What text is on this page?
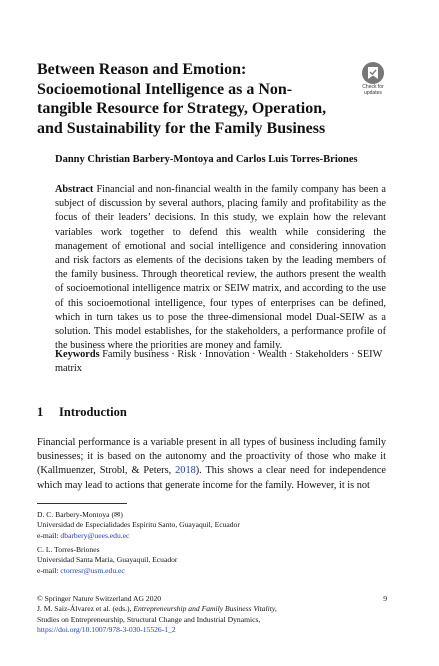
Between Reason and Emotion: Socioemotional Intelligence as a Non-tangible Resource for Strategy, Operation, and Sustainability for the Family Business
Check for
updates

Danny Christian Barbery-Montoya and Carlos Luis Torres-Briones

Abstract Financial and non-financial wealth in the family company has been a subject of discussion by several authors, placing family and profitability as the focus of their leaders’ decisions. In this study, we explain how the relevant variables work together to defend this wealth while considering the management of emotional and social intelligence and considering innovation and risk factors as elements of the decisions taken by the leading members of the family business. Through theoretical review, the authors present the wealth of socioemotional intelligence matrix or SEIW matrix, and according to the use of this socioemotional intelligence, four types of enterprises can be defined, which in turn takes us to pose the three-dimensional model Dual-SEIW as a solution. This model establishes, for the stakeholders, a performance profile of the business where the priorities are money and family.

Keywords Family business · Risk · Innovation · Wealth · Stakeholders · SEIW matrix

1 Introduction

Financial performance is a variable present in all types of business including family businesses; it is based on the autonomy and the proactivity of those who make it (Kallmuenzer, Strobl, & Peters, 2018). This shows a clear need for independence which may lead to actions that generate income for the family. However, it is not

D. C. Barbery-Montoya (✉)
Universidad de Especialidades Espíritu Santo, Guayaquil, Ecuador
e-mail: dbarbery@uees.edu.ec
C. L. Torres-Briones
Universidad Santa Maria, Guayaquil, Ecuador
e-mail: ctorresr@usm.edu.ec
© Springer Nature Switzerland AG 2020
J. M. Saiz-Álvarez et al. (eds.), Entrepreneurship and Family Business Vitality,
Studies on Entrepreneurship, Structural Change and Industrial Dynamics,
https://doi.org/10.1007/978-3-030-15526-1_2
9
